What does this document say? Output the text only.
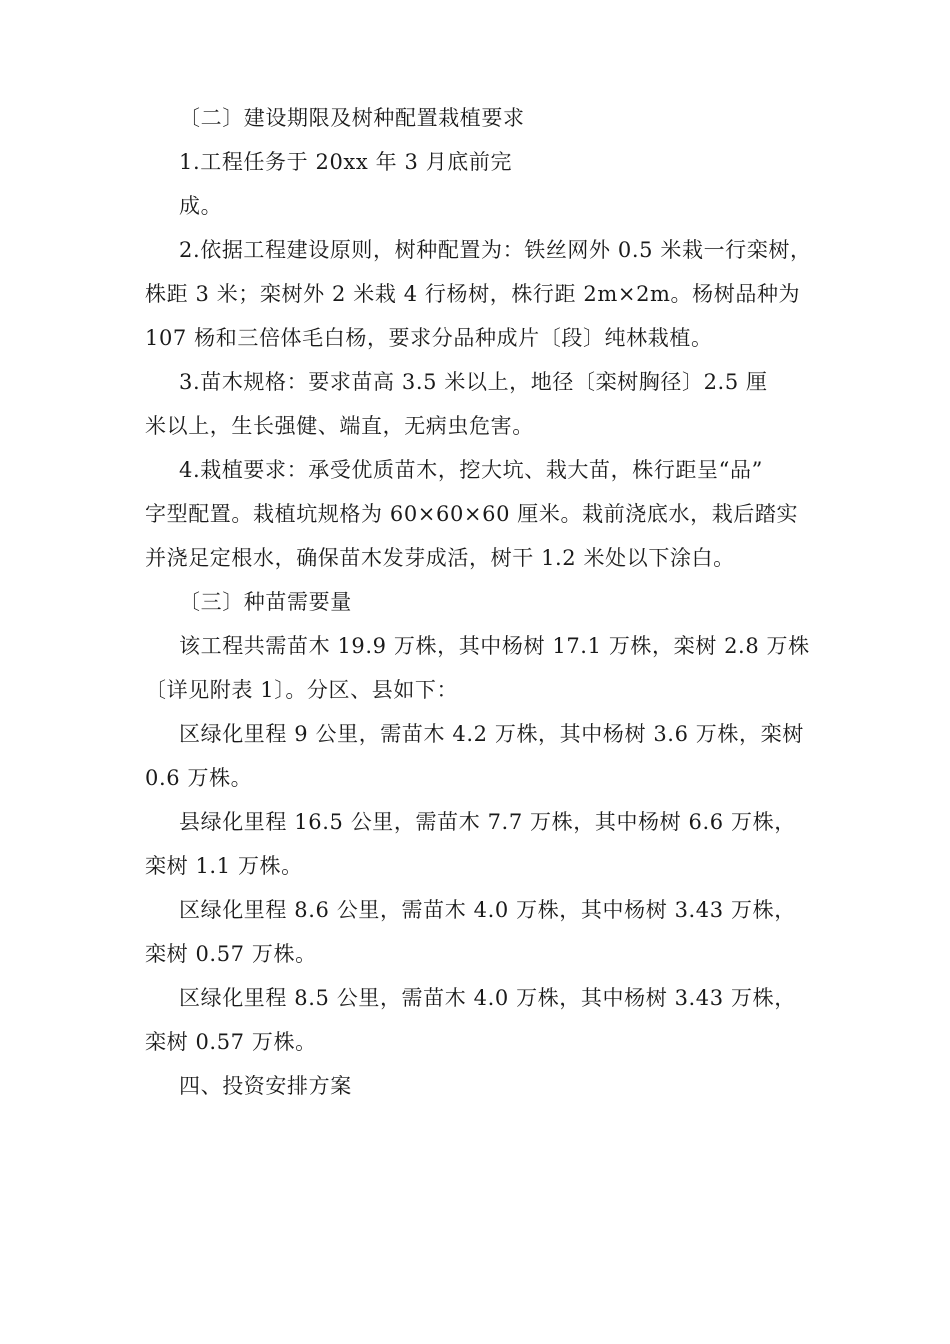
〔二〕建设期限及树种配置栽植要求
1.工程任务于 20xx 年 3 月底前完
成。
2.依据工程建设原则，树种配置为：铁丝网外 0.5 米栽一行栾树，
株距 3 米；栾树外 2 米栽 4 行杨树，株行距 2m×2m。杨树品种为
107 杨和三倍体毛白杨，要求分品种成片〔段〕纯林栽植。
3.苗木规格：要求苗高 3.5 米以上，地径〔栾树胸径〕2.5 厘
米以上，生长强健、端直，无病虫危害。
4.栽植要求：承受优质苗木，挖大坑、栽大苗，株行距呈“品”
字型配置。栽植坑规格为 60×60×60 厘米。栽前浇底水，栽后踏实
并浇足定根水，确保苗木发芽成活，树干 1.2 米处以下涂白。
〔三〕种苗需要量
该工程共需苗木 19.9 万株，其中杨树 17.1 万株，栾树 2.8 万株
〔详见附表 1〕。分区、县如下：
区绿化里程 9 公里，需苗木 4.2 万株，其中杨树 3.6 万株，栾树
0.6 万株。
县绿化里程 16.5 公里，需苗木 7.7 万株，其中杨树 6.6 万株，
栾树 1.1 万株。
区绿化里程 8.6 公里，需苗木 4.0 万株，其中杨树 3.43 万株，
栾树 0.57 万株。
区绿化里程 8.5 公里，需苗木 4.0 万株，其中杨树 3.43 万株，
栾树 0.57 万株。
四、投资安排方案
